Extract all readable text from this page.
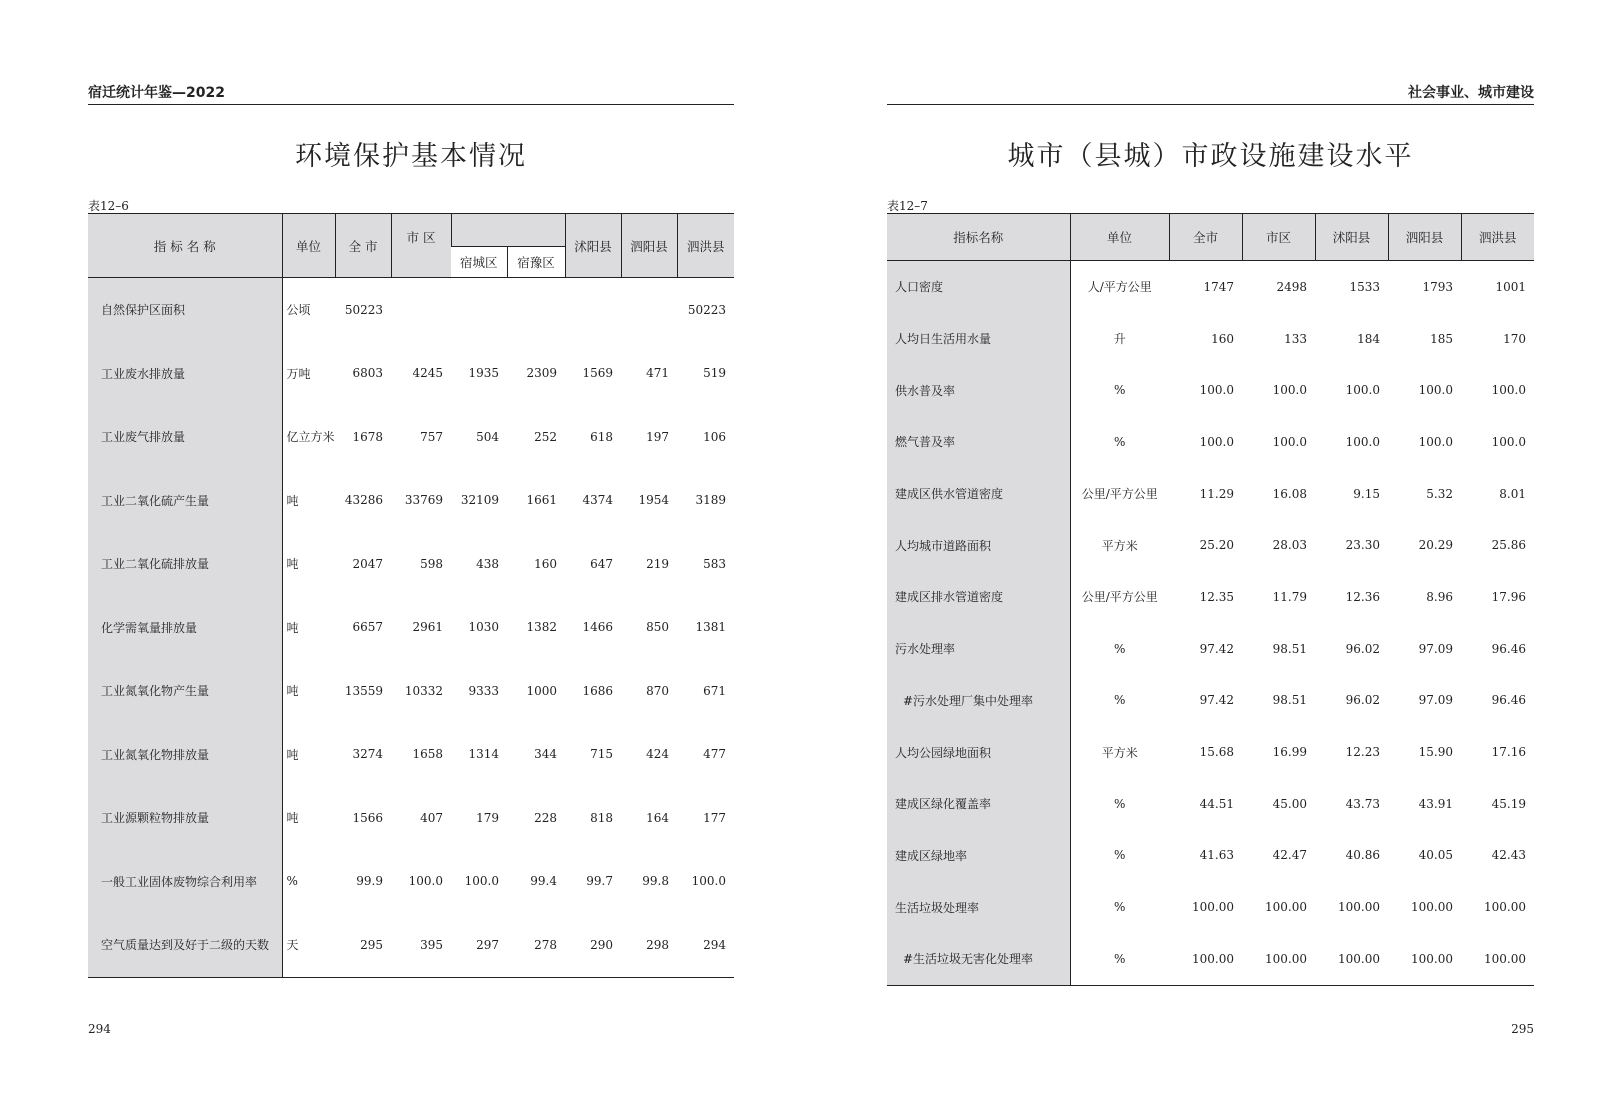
宿迁统计年鉴—2022
环境保护基本情况
表12–6
指 标 名 称	单位	全 市	市 区			沭阳县	泗阳县	泗洪县
				宿城区	宿豫区			
自然保护区面积	公顷	50223						50223
工业废水排放量	万吨	6803	4245	1935	2309	1569	471	519
工业废气排放量	亿立方米	1678	757	504	252	618	197	106
工业二氧化硫产生量	吨	43286	33769	32109	1661	4374	1954	3189
工业二氧化硫排放量	吨	2047	598	438	160	647	219	583
化学需氧量排放量	吨	6657	2961	1030	1382	1466	850	1381
工业氮氧化物产生量	吨	13559	10332	9333	1000	1686	870	671
工业氮氧化物排放量	吨	3274	1658	1314	344	715	424	477
工业源颗粒物排放量	吨	1566	407	179	228	818	164	177
一般工业固体废物综合利用率	%	99.9	100.0	100.0	99.4	99.7	99.8	100.0
空气质量达到及好于二级的天数	天	295	395	297	278	290	298	294
294
社会事业、城市建设
城市（县城）市政设施建设水平
表12–7
指标名称	单位	全市	市区	沭阳县	泗阳县	泗洪县
人口密度	人/平方公里	1747	2498	1533	1793	1001
人均日生活用水量	升	160	133	184	185	170
供水普及率	%	100.0	100.0	100.0	100.0	100.0
燃气普及率	%	100.0	100.0	100.0	100.0	100.0
建成区供水管道密度	公里/平方公里	11.29	16.08	9.15	5.32	8.01
人均城市道路面积	平方米	25.20	28.03	23.30	20.29	25.86
建成区排水管道密度	公里/平方公里	12.35	11.79	12.36	8.96	17.96
污水处理率	%	97.42	98.51	96.02	97.09	96.46
#污水处理厂集中处理率	%	97.42	98.51	96.02	97.09	96.46
人均公园绿地面积	平方米	15.68	16.99	12.23	15.90	17.16
建成区绿化覆盖率	%	44.51	45.00	43.73	43.91	45.19
建成区绿地率	%	41.63	42.47	40.86	40.05	42.43
生活垃圾处理率	%	100.00	100.00	100.00	100.00	100.00
#生活垃圾无害化处理率	%	100.00	100.00	100.00	100.00	100.00
295
